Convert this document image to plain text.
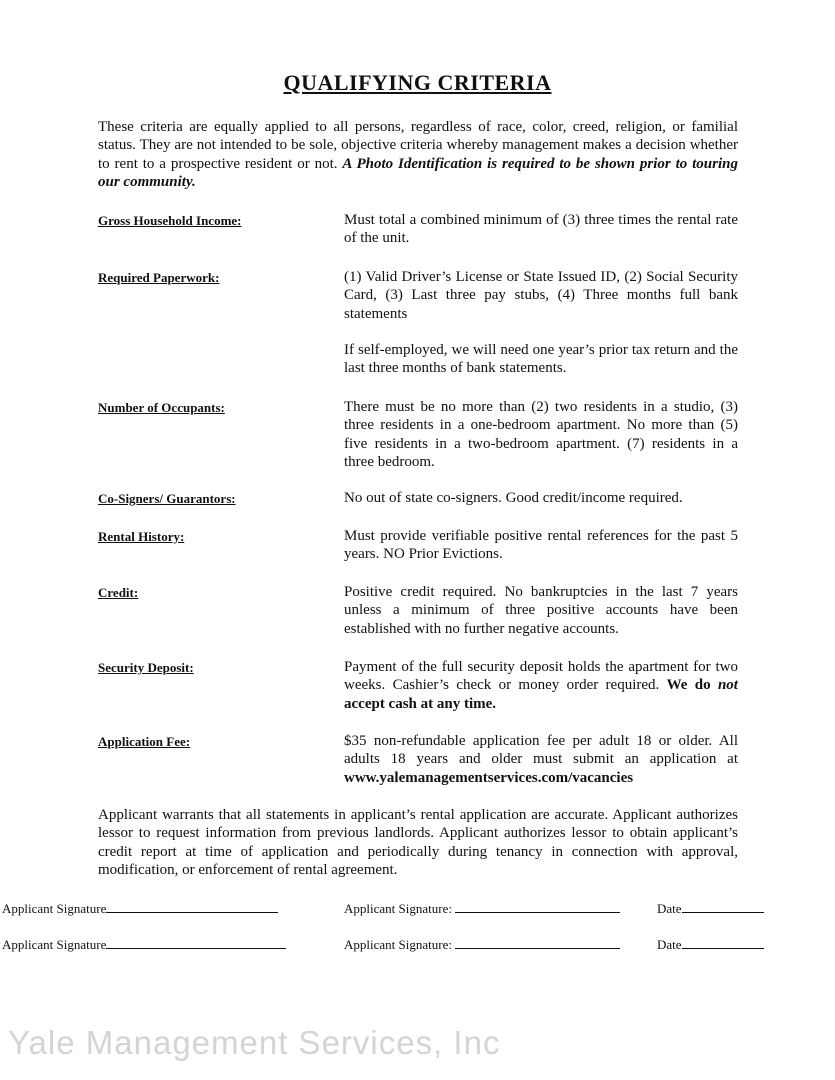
QUALIFYING CRITERIA
These criteria are equally applied to all persons, regardless of race, color, creed, religion, or familial status. They are not intended to be sole, objective criteria whereby management makes a decision whether to rent to a prospective resident or not. A Photo Identification is required to be shown prior to touring our community.
Gross Household Income:	Must total a combined minimum of (3) three times the rental rate of the unit.
Required Paperwork:	(1) Valid Driver’s License or State Issued ID, (2) Social Security Card, (3) Last three pay stubs, (4) Three months full bank statements
If self-employed, we will need one year’s prior tax return and the last three months of bank statements.
Number of Occupants:	There must be no more than (2) two residents in a studio, (3) three residents in a one-bedroom apartment. No more than (5) five residents in a two-bedroom apartment. (7) residents in a three bedroom.
Co-Signers/ Guarantors:	No out of state co-signers. Good credit/income required.
Rental History:	Must provide verifiable positive rental references for the past 5 years. NO Prior Evictions.
Credit:	Positive credit required. No bankruptcies in the last 7 years unless a minimum of three positive accounts have been established with no further negative accounts.
Security Deposit:	Payment of the full security deposit holds the apartment for two weeks. Cashier’s check or money order required. We do not accept cash at any time.
Application Fee:	$35 non-refundable application fee per adult 18 or older. All adults 18 years and older must submit an application at www.yalemanagementservices.com/vacancies
Applicant warrants that all statements in applicant’s rental application are accurate. Applicant authorizes lessor to request information from previous landlords. Applicant authorizes lessor to obtain applicant’s credit report at time of application and periodically during tenancy in connection with approval, modification, or enforcement of rental agreement.
Applicant Signature	Applicant Signature:	Date
Applicant Signature	Applicant Signature:	Date
Yale Management Services, Inc
